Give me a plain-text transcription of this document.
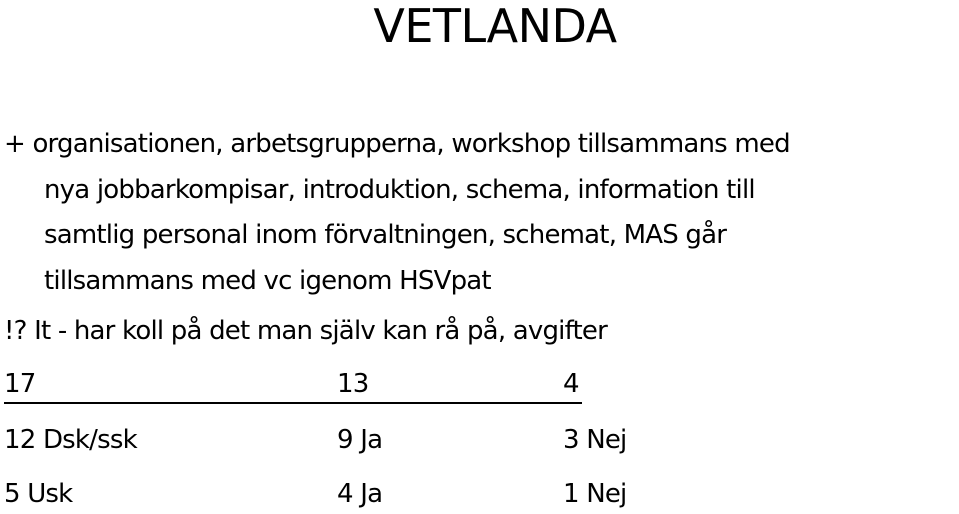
VETLANDA
+ organisationen, arbetsgrupperna, workshop tillsammans med
nya jobbarkompisar, introduktion, schema, information till
samtlig personal inom förvaltningen, schemat, MAS går
tillsammans med vc igenom HSVpat
!? It - har koll på det man själv kan rå på, avgifter
17	13	4
12 Dsk/ssk	9 Ja	3 Nej
5 Usk	4 Ja	1 Nej
